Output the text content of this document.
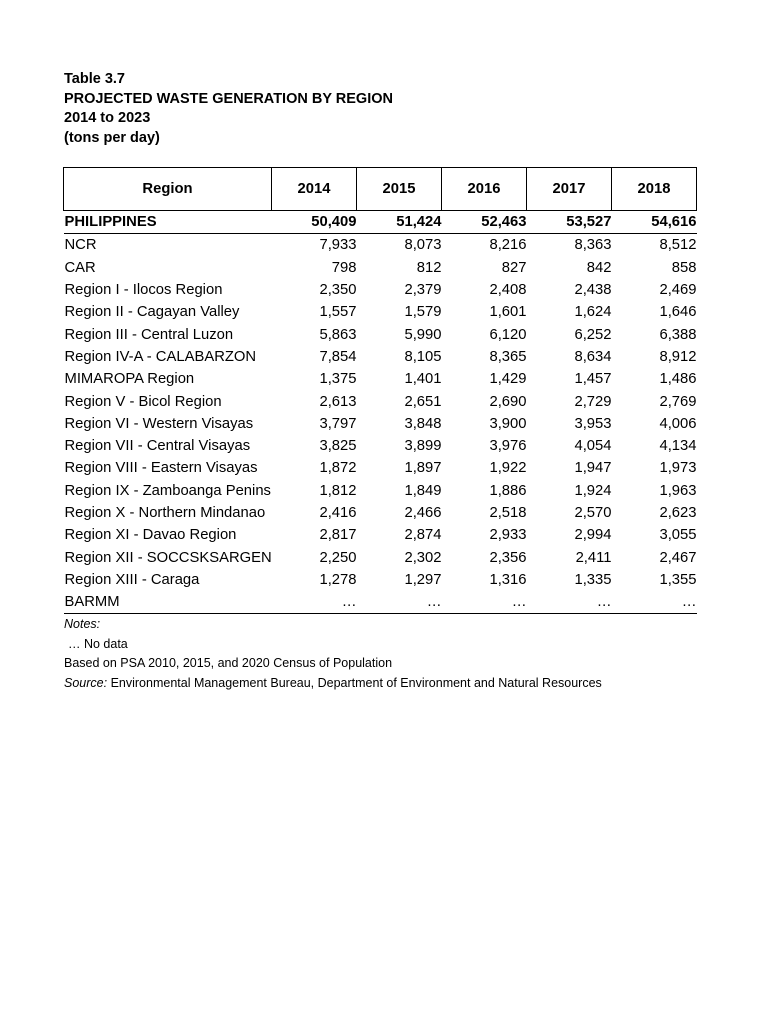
Table 3.7
PROJECTED WASTE GENERATION BY REGION
2014 to 2023
(tons per day)
Region	2014	2015	2016	2017	2018
PHILIPPINES	50,409	51,424	52,463	53,527	54,616
NCR	7,933	8,073	8,216	8,363	8,512
CAR	798	812	827	842	858
Region I - Ilocos Region	2,350	2,379	2,408	2,438	2,469
Region II - Cagayan Valley	1,557	1,579	1,601	1,624	1,646
Region III - Central Luzon	5,863	5,990	6,120	6,252	6,388
Region IV-A - CALABARZON	7,854	8,105	8,365	8,634	8,912
MIMAROPA Region	1,375	1,401	1,429	1,457	1,486
Region V - Bicol Region	2,613	2,651	2,690	2,729	2,769
Region VI - Western Visayas	3,797	3,848	3,900	3,953	4,006
Region VII - Central Visayas	3,825	3,899	3,976	4,054	4,134
Region VIII - Eastern Visayas	1,872	1,897	1,922	1,947	1,973
Region IX - Zamboanga Penins	1,812	1,849	1,886	1,924	1,963
Region X - Northern Mindanao	2,416	2,466	2,518	2,570	2,623
Region XI - Davao Region	2,817	2,874	2,933	2,994	3,055
Region XII - SOCCSKSARGEN	2,250	2,302	2,356	2,411	2,467
Region XIII - Caraga	1,278	1,297	1,316	1,335	1,355
BARMM	…	…	…	…	…
Notes:
… No data
Based on PSA 2010, 2015, and 2020 Census of Population
Source: Environmental Management Bureau, Department of Environment and Natural Resources
